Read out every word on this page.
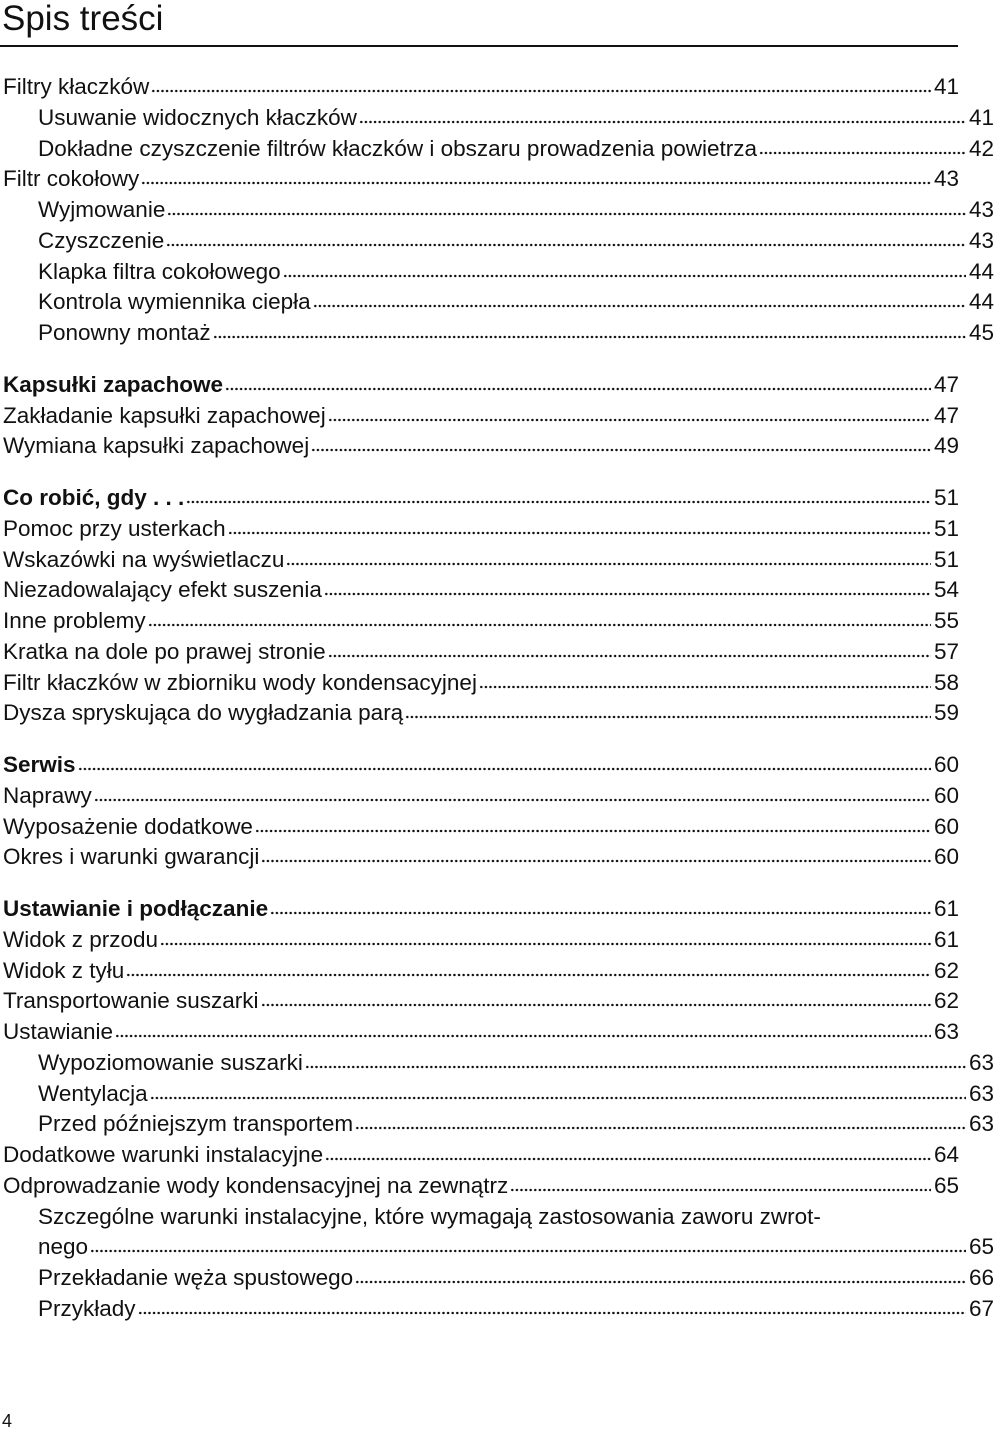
Spis treści
Filtry kłaczków	41
Usuwanie widocznych kłaczków	41
Dokładne czyszczenie filtrów kłaczków i obszaru prowadzenia powietrza	42
Filtr cokołowy	43
Wyjmowanie	43
Czyszczenie	43
Klapka filtra cokołowego	44
Kontrola wymiennika ciepła	44
Ponowny montaż	45
Kapsułki zapachowe	47
Zakładanie kapsułki zapachowej	47
Wymiana kapsułki zapachowej	49
Co robić, gdy . . .	51
Pomoc przy usterkach	51
Wskazówki na wyświetlaczu	51
Niezadowalający efekt suszenia	54
Inne problemy	55
Kratka na dole po prawej stronie	57
Filtr kłaczków w zbiorniku wody kondensacyjnej	58
Dysza spryskująca do wygładzania parą	59
Serwis	60
Naprawy	60
Wyposażenie dodatkowe	60
Okres i warunki gwarancji	60
Ustawianie i podłączanie	61
Widok z przodu	61
Widok z tyłu	62
Transportowanie suszarki	62
Ustawianie	63
Wypoziomowanie suszarki	63
Wentylacja	63
Przed późniejszym transportem	63
Dodatkowe warunki instalacyjne	64
Odprowadzanie wody kondensacyjnej na zewnątrz	65
Szczególne warunki instalacyjne, które wymagają zastosowania zaworu zwrot-
nego	65
Przekładanie węża spustowego	66
Przykłady	67
4
